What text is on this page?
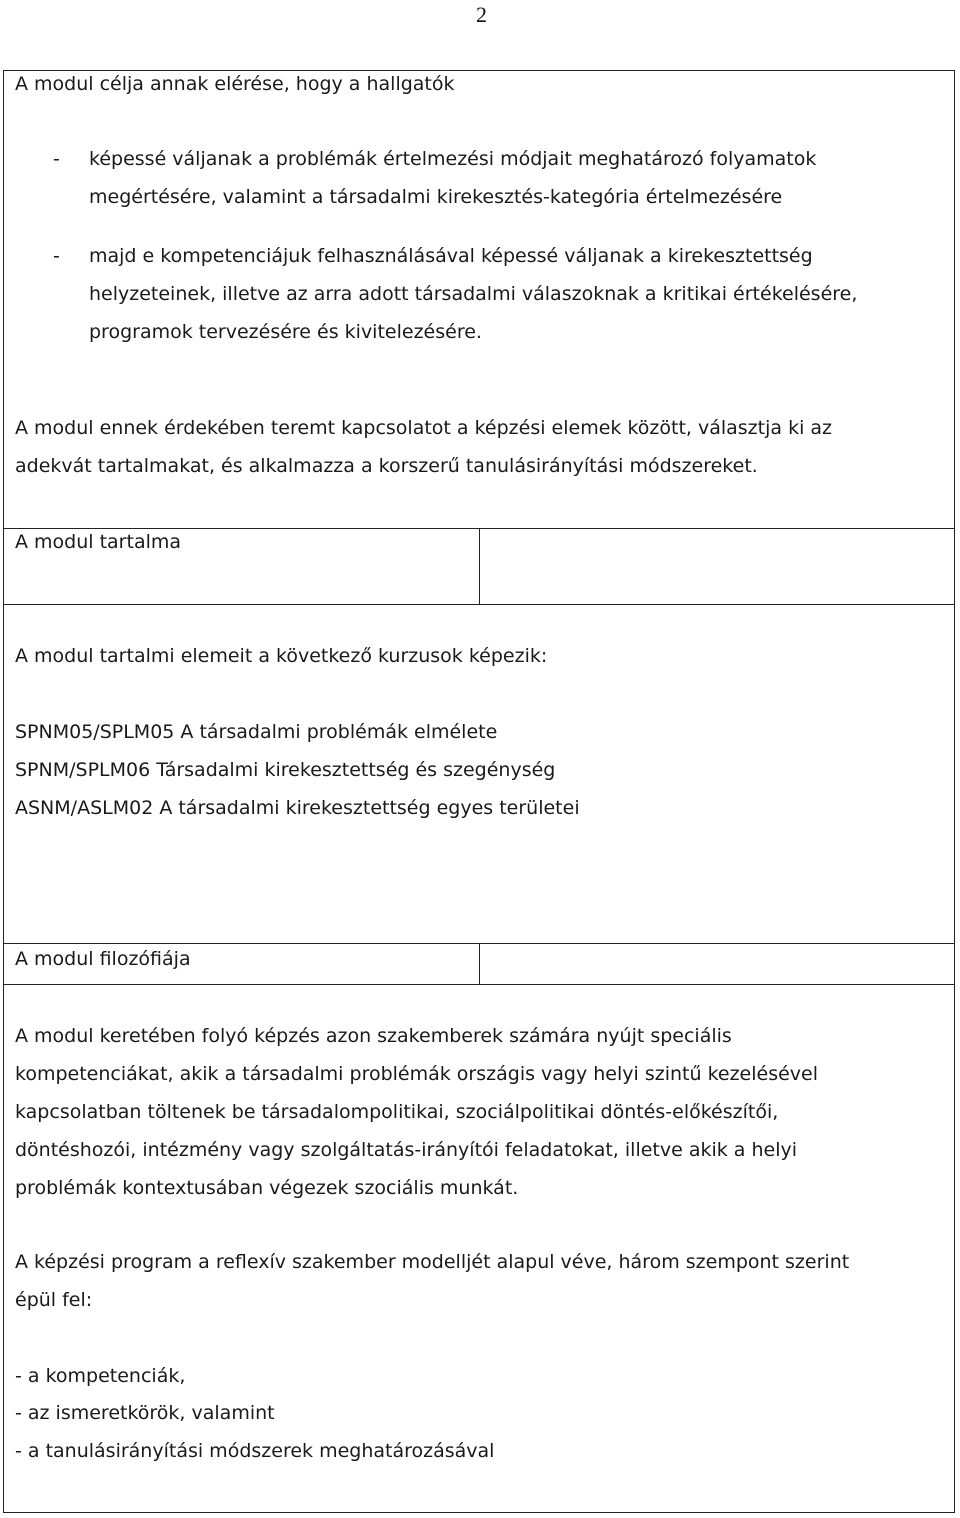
2
A modul célja annak elérése, hogy a hallgatók
- képessé váljanak a problémák értelmezési módjait meghatározó folyamatok
megértésére, valamint a társadalmi kirekesztés-kategória értelmezésére
- majd e kompetenciájuk felhasználásával képessé váljanak a kirekesztettség
helyzeteinek, illetve az arra adott társadalmi válaszoknak a kritikai értékelésére,
programok tervezésére és kivitelezésére.
A modul ennek érdekében teremt kapcsolatot a képzési elemek között, választja ki az
adekvát tartalmakat, és alkalmazza a korszerű tanulásirányítási módszereket.
A modul tartalma
A modul tartalmi elemeit a következő kurzusok képezik:
SPNM05/SPLM05 A társadalmi problémák elmélete
SPNM/SPLM06 Társadalmi kirekesztettség és szegénység
ASNM/ASLM02 A társadalmi kirekesztettség egyes területei
A modul filozófiája
A modul keretében folyó képzés azon szakemberek számára nyújt speciális
kompetenciákat, akik a társadalmi problémák országis vagy helyi szintű kezelésével
kapcsolatban töltenek be társadalompolitikai, szociálpolitikai döntés-előkészítői,
döntéshozói, intézmény vagy szolgáltatás-irányítói feladatokat, illetve akik a helyi
problémák kontextusában végezek szociális munkát.
A képzési program a reflexív szakember modelljét alapul véve, három szempont szerint
épül fel:
- a kompetenciák,
- az ismeretkörök, valamint
- a tanulásirányítási módszerek meghatározásával
